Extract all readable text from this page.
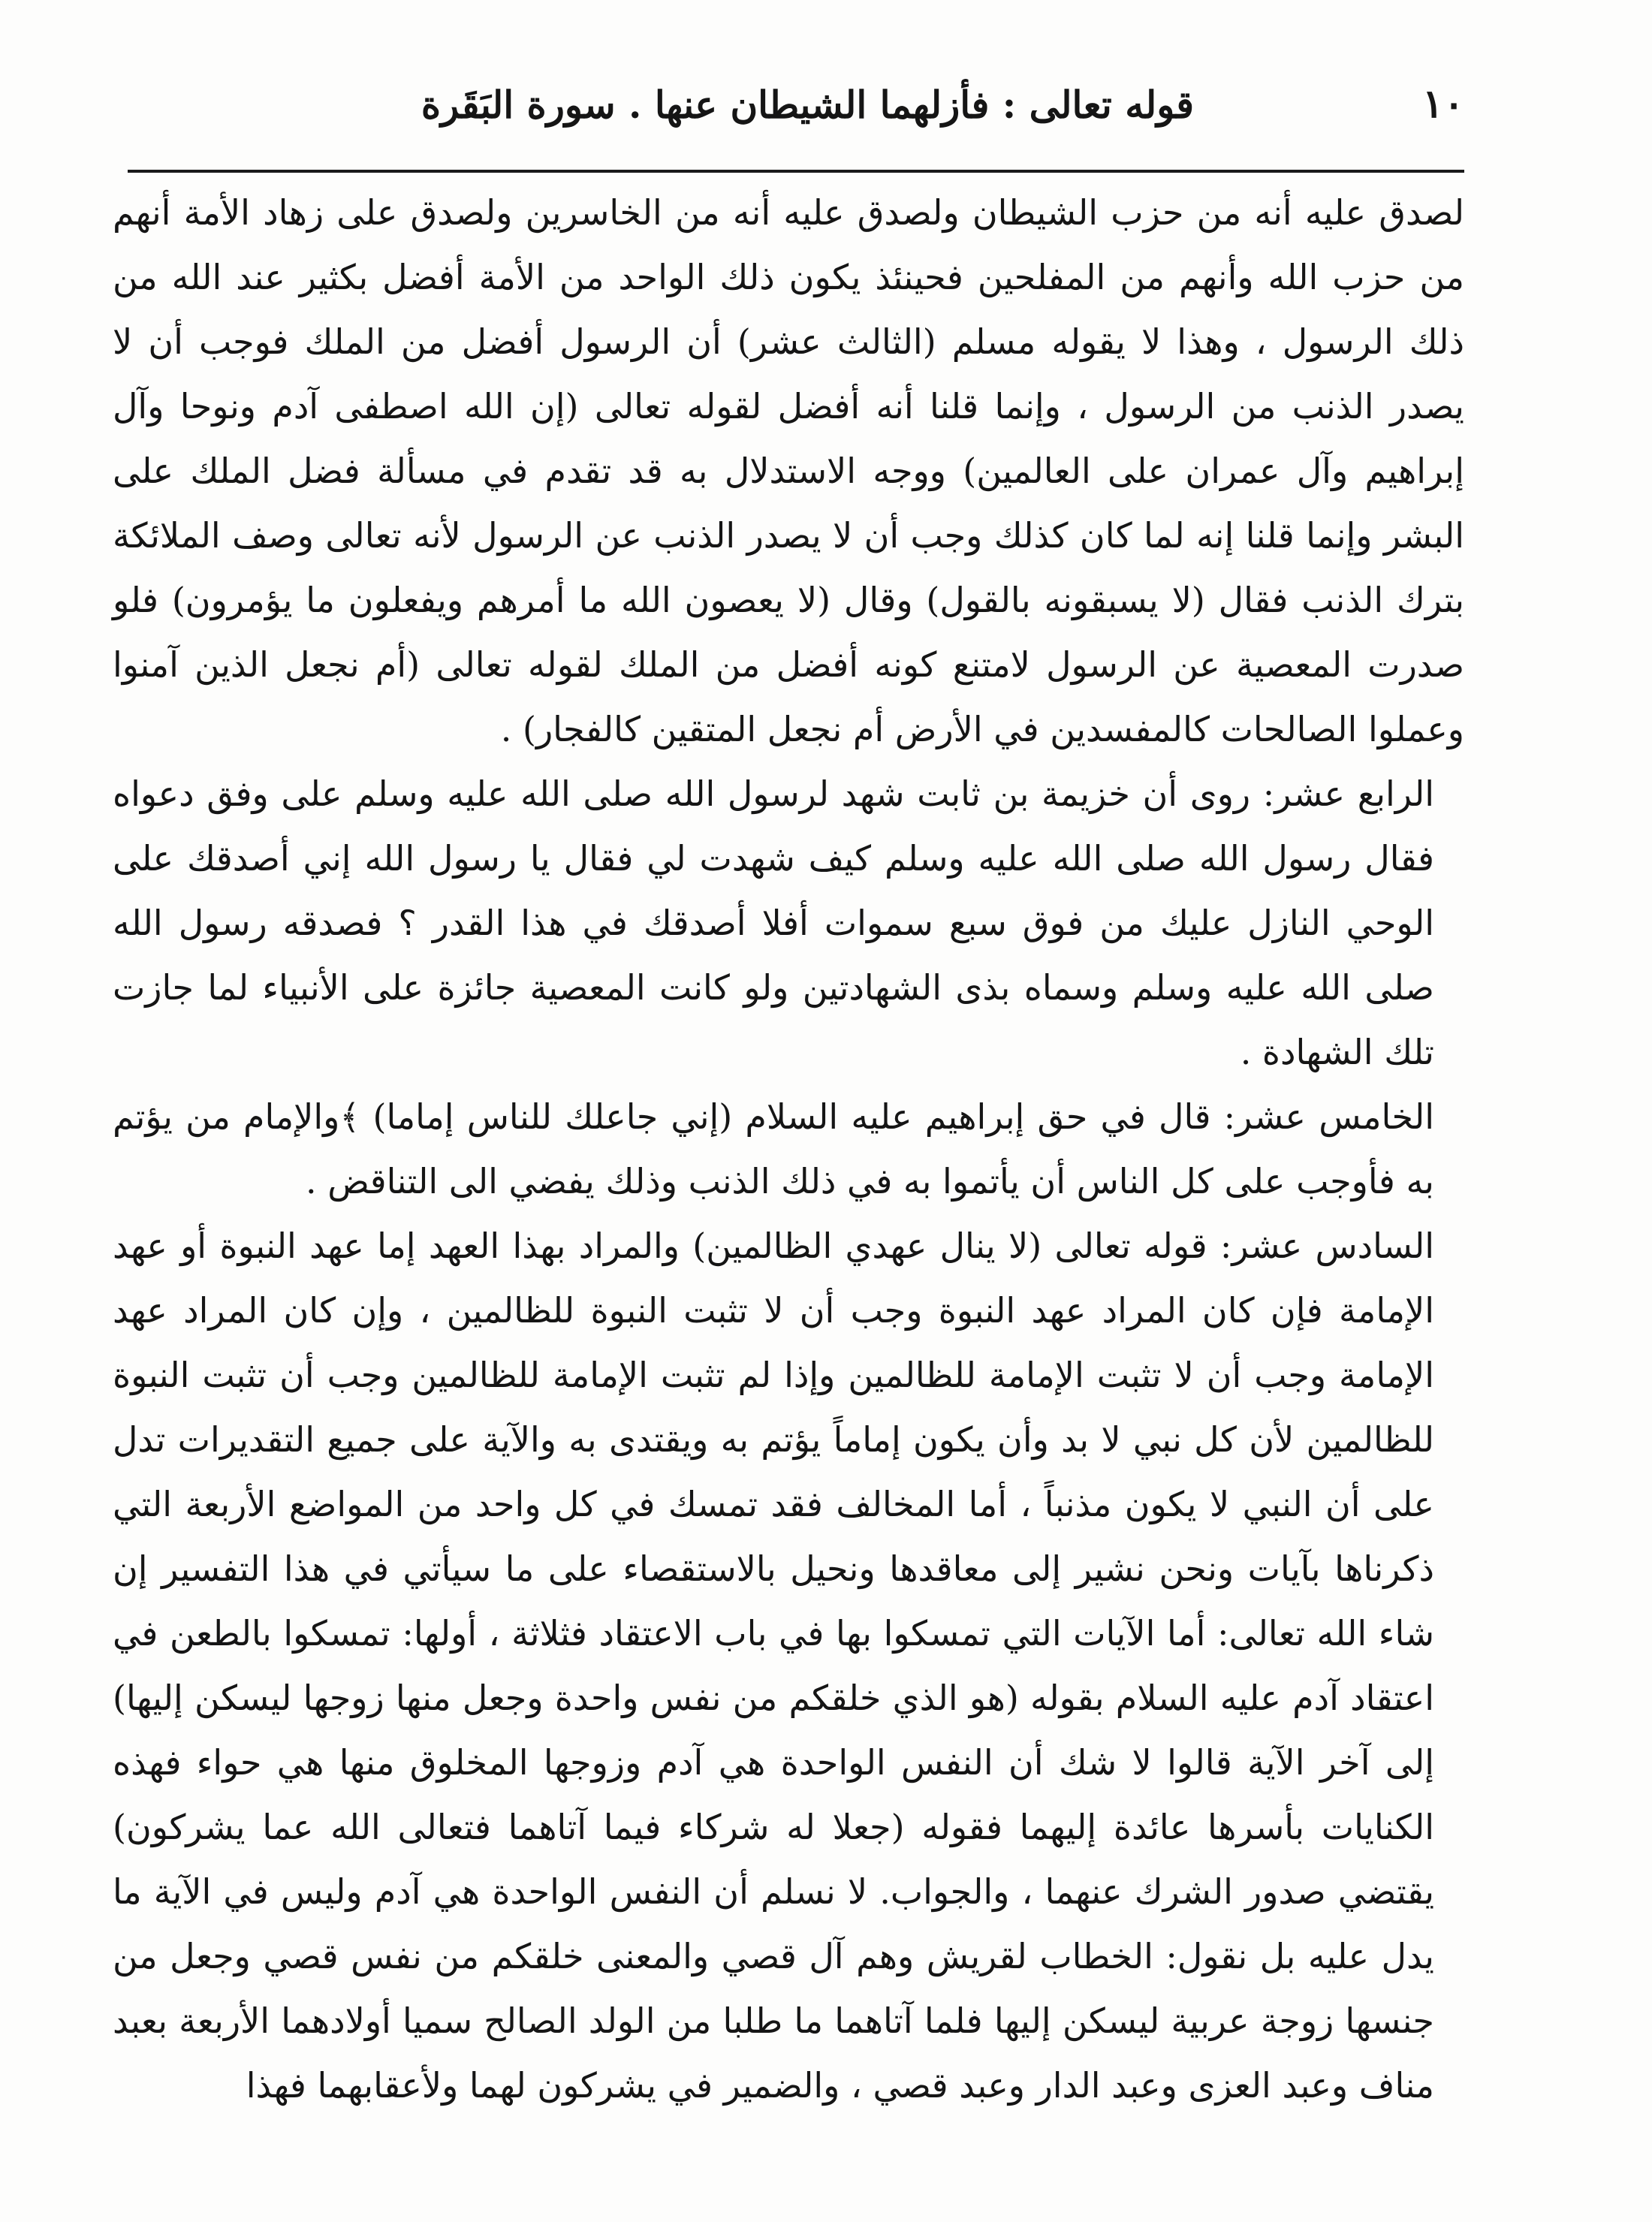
١٠
قوله تعالى : فأزلهما الشيطان عنها . سورة البَقَرة

لصدق عليه أنه من حزب الشيطان ولصدق عليه أنه من الخاسرين ولصدق على زهاد الأمة أنهم من حزب الله وأنهم من المفلحين فحينئذ يكون ذلك الواحد من الأمة أفضل بكثير عند الله من ذلك الرسول ، وهذا لا يقوله مسلم (الثالث عشر) أن الرسول أفضل من الملك فوجب أن لا يصدر الذنب من الرسول ، وإنما قلنا أنه أفضل لقوله تعالى (إن الله اصطفى آدم ونوحا وآل إبراهيم وآل عمران على العالمين) ووجه الاستدلال به قد تقدم في مسألة فضل الملك على البشر وإنما قلنا إنه لما كان كذلك وجب أن لا يصدر الذنب عن الرسول لأنه تعالى وصف الملائكة بترك الذنب فقال (لا يسبقونه بالقول) وقال (لا يعصون الله ما أمرهم ويفعلون ما يؤمرون) فلو صدرت المعصية عن الرسول لامتنع كونه أفضل من الملك لقوله تعالى (أم نجعل الذين آمنوا وعملوا الصالحات كالمفسدين في الأرض أم نجعل المتقين كالفجار) .

الرابع عشر: روى أن خزيمة بن ثابت شهد لرسول الله صلى الله عليه وسلم على وفق دعواه فقال رسول الله صلى الله عليه وسلم كيف شهدت لي فقال يا رسول الله إني أصدقك على الوحي النازل عليك من فوق سبع سموات أفلا أصدقك في هذا القدر ؟ فصدقه رسول الله صلى الله عليه وسلم وسماه بذى الشهادتين ولو كانت المعصية جائزة على الأنبياء لما جازت تلك الشهادة .

الخامس عشر: قال في حق إبراهيم عليه السلام (إني جاعلك للناس إماما) ﴾والإمام من يؤتم به فأوجب على كل الناس أن يأتموا به في ذلك الذنب وذلك يفضي الى التناقض .

السادس عشر: قوله تعالى (لا ينال عهدي الظالمين) والمراد بهذا العهد إما عهد النبوة أو عهد الإمامة فإن كان المراد عهد النبوة وجب أن لا تثبت النبوة للظالمين ، وإن كان المراد عهد الإمامة وجب أن لا تثبت الإمامة للظالمين وإذا لم تثبت الإمامة للظالمين وجب أن تثبت النبوة للظالمين لأن كل نبي لا بد وأن يكون إماماً يؤتم به ويقتدى به والآية على جميع التقديرات تدل على أن النبي لا يكون مذنباً ، أما المخالف فقد تمسك في كل واحد من المواضع الأربعة التي ذكرناها بآيات ونحن نشير إلى معاقدها ونحيل بالاستقصاء على ما سيأتي في هذا التفسير إن شاء الله تعالى: أما الآيات التي تمسكوا بها في باب الاعتقاد فثلاثة ، أولها: تمسكوا بالطعن في اعتقاد آدم عليه السلام بقوله (هو الذي خلقكم من نفس واحدة وجعل منها زوجها ليسكن إليها) إلى آخر الآية قالوا لا شك أن النفس الواحدة هي آدم وزوجها المخلوق منها هي حواء فهذه الكنايات بأسرها عائدة إليهما فقوله (جعلا له شركاء فيما آتاهما فتعالى الله عما يشركون) يقتضي صدور الشرك عنهما ، والجواب. لا نسلم أن النفس الواحدة هي آدم وليس في الآية ما يدل عليه بل نقول: الخطاب لقريش وهم آل قصي والمعنى خلقكم من نفس قصي وجعل من جنسها زوجة عربية ليسكن إليها فلما آتاهما ما طلبا من الولد الصالح سميا أولادهما الأربعة بعبد مناف وعبد العزى وعبد الدار وعبد قصي ، والضمير في يشركون لهما ولأعقابهما فهذا
